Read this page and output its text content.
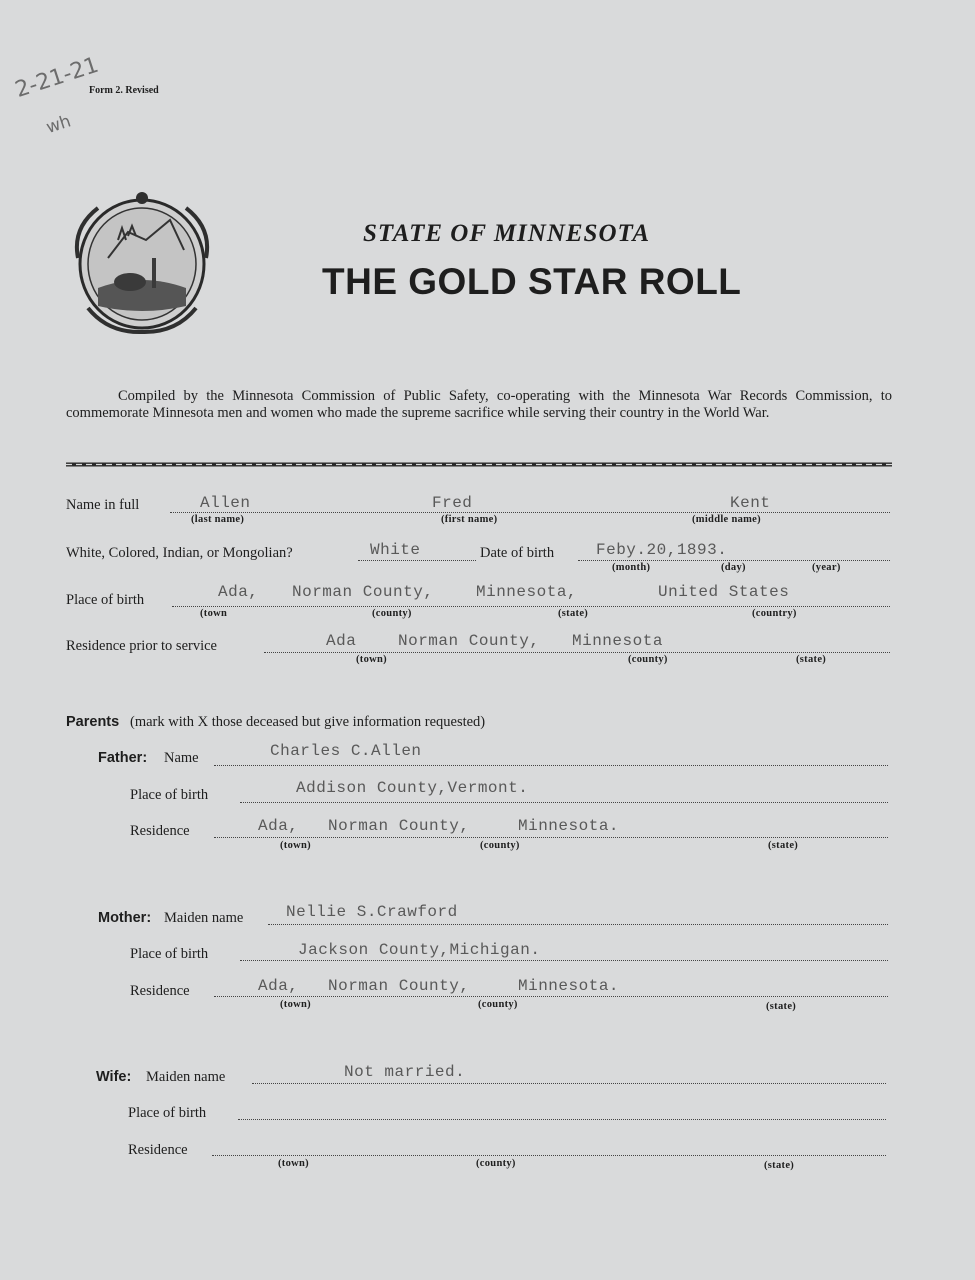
2-21-21
wh
Form 2. Revised
STATE OF MINNESOTA
THE GOLD STAR ROLL
Compiled by the Minnesota Commission of Public Safety, co-operating with the Minnesota War Records Commission, to commemorate Minnesota men and women who made the supreme sacrifice while serving their country in the World War.
Name in full	Allen	Fred	Kent
(last name)	(first name)	(middle name)
White, Colored, Indian, or Mongolian?	White	Date of birth	Feby.20,1893.
(month)	(day)	(year)
Place of birth	Ada, Norman County,	Minnesota,	United States
(town	(county)	(state)	(country)
Residence prior to service	Ada	Norman County, Minnesota
(town)	(county)	(state)
Parents (mark with X those deceased but give information requested)
Father: Name	Charles C.Allen
Place of birth	Addison County,Vermont.
Residence	Ada, Norman County,	Minnesota.
(town)	(county)	(state)
Mother: Maiden name	Nellie S.Crawford
Place of birth	Jackson County,Michigan.
Residence	Ada, Norman County,	Minnesota.
(town)	(county)	(state)
Wife: Maiden name	Not married.
Place of birth
Residence
(town)	(county)	(state)
